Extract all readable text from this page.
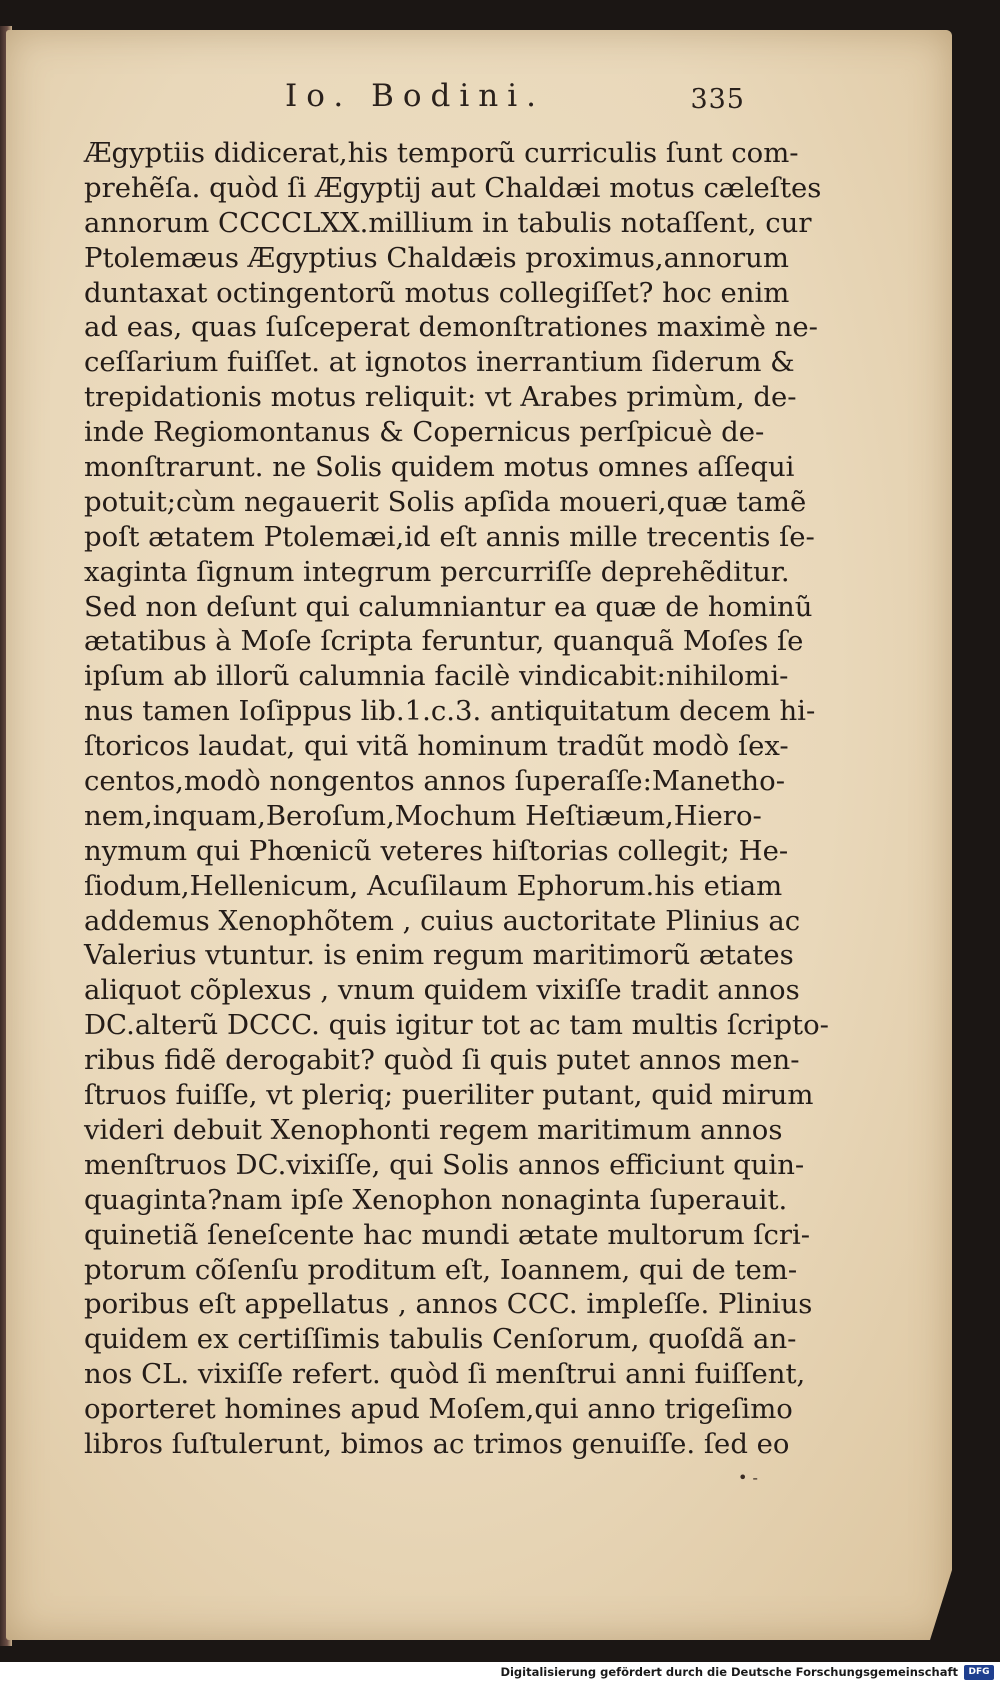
Io. Bodini.	335
Ægyptiis didicerat,his temporũ curriculis ſunt com-
prehẽſa. quòd ſi Ægyptij aut Chaldæi motus cæleſtes
annorum CCCCLXX.millium in tabulis notaſſent, cur
Ptolemæus Ægyptius Chaldæis proximus,annorum
duntaxat octingentorũ motus collegiſſet? hoc enim
ad eas, quas ſuſceperat demonſtrationes maximè ne-
ceſſarium fuiſſet. at ignotos inerrantium ſiderum &
trepidationis motus reliquit: vt Arabes primùm, de-
inde Regiomontanus & Copernicus perſpicuè de-
monſtrarunt. ne Solis quidem motus omnes aſſequi
potuit;cùm negauerit Solis apſida moueri,quæ tamẽ
poſt ætatem Ptolemæi,id eſt annis mille trecentis ſe-
xaginta ſignum integrum percurriſſe deprehẽditur.
Sed non deſunt qui calumniantur ea quæ de hominũ
ætatibus à Moſe ſcripta feruntur, quanquã Moſes ſe
ipſum ab illorũ calumnia facilè vindicabit:nihilomi-
nus tamen Ioſippus lib.1.c.3. antiquitatum decem hi-
ſtoricos laudat, qui vitã hominum tradũt modò ſex-
centos,modò nongentos annos ſuperaſſe:Manetho-
nem,inquam,Beroſum,Mochum Heſtiæum,Hiero-
nymum qui Phœnicũ veteres hiſtorias collegit; He-
ſiodum,Hellenicum, Acuſilaum Ephorum.his etiam
addemus Xenophõtem , cuius auctoritate Plinius ac
Valerius vtuntur. is enim regum maritimorũ ætates
aliquot cõplexus , vnum quidem vixiſſe tradit annos
DC.alterũ DCCC. quis igitur tot ac tam multis ſcripto-
ribus fidẽ derogabit? quòd ſi quis putet annos men-
ſtruos fuiſſe, vt pleriq; pueriliter putant, quid mirum
videri debuit Xenophonti regem maritimum annos
menſtruos DC.vixiſſe, qui Solis annos efficiunt quin-
quaginta?nam ipſe Xenophon nonaginta ſuperauit.
quinetiã ſeneſcente hac mundi ætate multorum ſcri-
ptorum cõſenſu proditum eſt, Ioannem, qui de tem-
poribus eſt appellatus , annos CCC. impleſſe. Plinius
quidem ex certiſſimis tabulis Cenſorum, quoſdã an-
nos CL. vixiſſe refert. quòd ſi menſtrui anni fuiſſent,
oporteret homines apud Moſem,qui anno trigeſimo
libros ſuſtulerunt, bimos ac trimos genuiſſe. ſed eo
• -
Digitalisierung gefördert durch die Deutsche Forschungsgemeinschaft	DFG
